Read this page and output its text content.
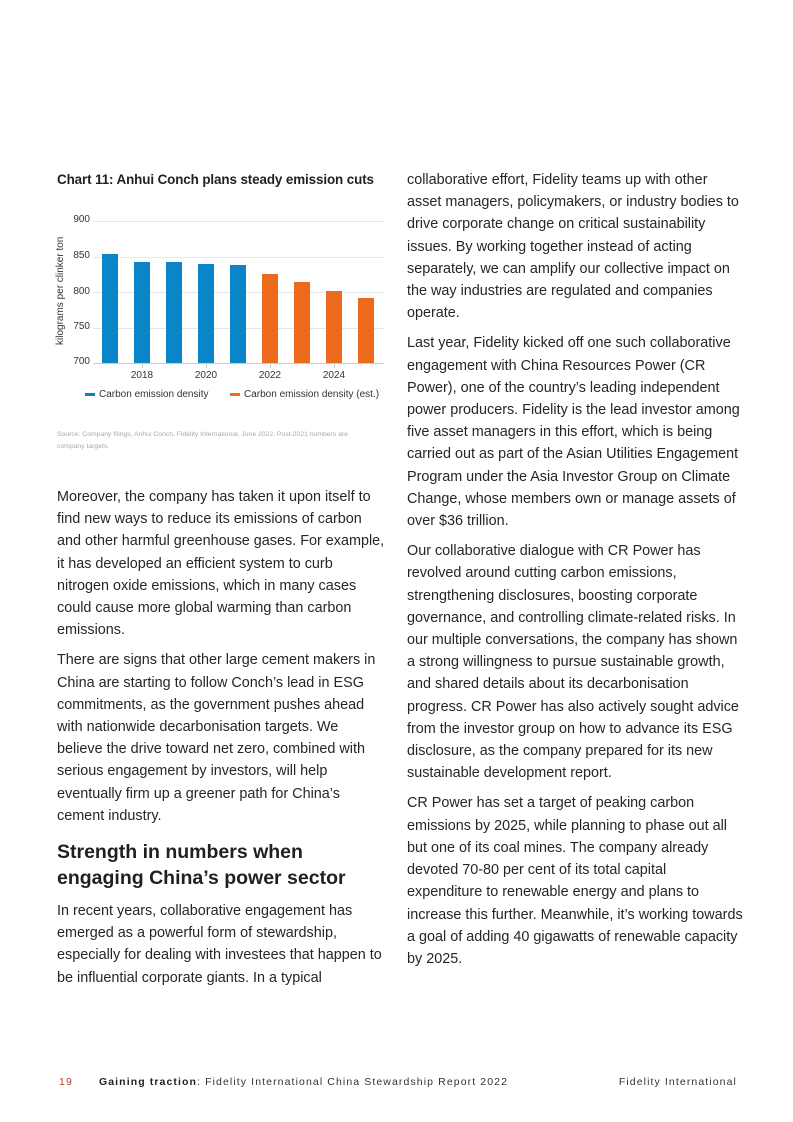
Chart 11: Anhui Conch plans steady emission cuts
kilograms per clinker ton
900
850
800
750
700
2018	2020	2022	2024
Carbon emission density	Carbon emission density (est.)
Source: Company filings, Anhui Conch, Fidelity International, June 2022. Post-2021 numbers are company targets.

Moreover, the company has taken it upon itself to find new ways to reduce its emissions of carbon and other harmful greenhouse gases. For example, it has developed an efficient system to curb nitrogen oxide emissions, which in many cases could cause more global warming than carbon emissions.

There are signs that other large cement makers in China are starting to follow Conch’s lead in ESG commitments, as the government pushes ahead with nationwide decarbonisation targets. We believe the drive toward net zero, combined with serious engagement by investors, will help eventually firm up a greener path for China’s cement industry.

Strength in numbers when engaging China’s power sector

In recent years, collaborative engagement has emerged as a powerful form of stewardship, especially for dealing with investees that happen to be influential corporate giants. In a typical

collaborative effort, Fidelity teams up with other asset managers, policymakers, or industry bodies to drive corporate change on critical sustainability issues. By working together instead of acting separately, we can amplify our collective impact on the way industries are regulated and companies operate.

Last year, Fidelity kicked off one such collaborative engagement with China Resources Power (CR Power), one of the country’s leading independent power producers. Fidelity is the lead investor among five asset managers in this effort, which is being carried out as part of the Asian Utilities Engagement Program under the Asia Investor Group on Climate Change, whose members own or manage assets of over $36 trillion.

Our collaborative dialogue with CR Power has revolved around cutting carbon emissions, strengthening disclosures, boosting corporate governance, and controlling climate-related risks. In our multiple conversations, the company has shown a strong willingness to pursue sustainable growth, and shared details about its decarbonisation progress. CR Power has also actively sought advice from the investor group on how to advance its ESG disclosure, as the company prepared for its new sustainable development report.

CR Power has set a target of peaking carbon emissions by 2025, while planning to phase out all but one of its coal mines. The company already devoted 70-80 per cent of its total capital expenditure to renewable energy and plans to increase this further. Meanwhile, it’s working towards a goal of adding 40 gigawatts of renewable capacity by 2025.

19 Gaining traction: Fidelity International China Stewardship Report 2022	Fidelity International
